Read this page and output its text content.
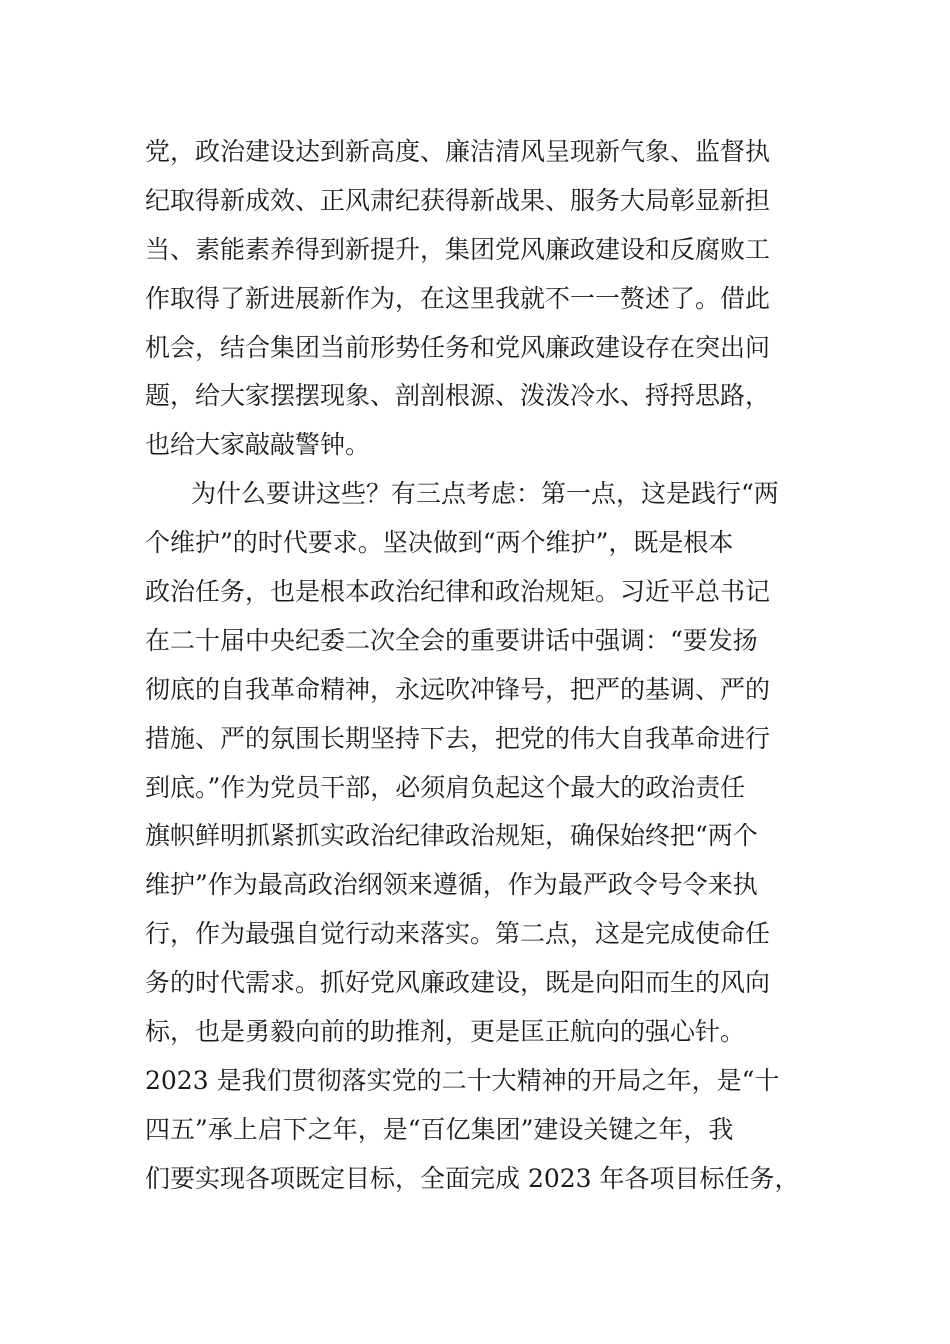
党，政治建设达到新高度、廉洁清风呈现新气象、监督执
纪取得新成效、正风肃纪获得新战果、服务大局彰显新担
当、素能素养得到新提升，集团党风廉政建设和反腐败工
作取得了新进展新作为，在这里我就不一一赘述了。借此
机会，结合集团当前形势任务和党风廉政建设存在突出问
题，给大家摆摆现象、剖剖根源、泼泼冷水、捋捋思路，
也给大家敲敲警钟。
为什么要讲这些？有三点考虑：第一点，这是践行“两
个维护”的时代要求。坚决做到“两个维护”，既是根本
政治任务，也是根本政治纪律和政治规矩。习近平总书记
在二十届中央纪委二次全会的重要讲话中强调：“要发扬
彻底的自我革命精神，永远吹冲锋号，把严的基调、严的
措施、严的氛围长期坚持下去，把党的伟大自我革命进行
到底。”作为党员干部，必须肩负起这个最大的政治责任
旗帜鲜明抓紧抓实政治纪律政治规矩，确保始终把“两个
维护”作为最高政治纲领来遵循，作为最严政令号令来执
行，作为最强自觉行动来落实。第二点，这是完成使命任
务的时代需求。抓好党风廉政建设，既是向阳而生的风向
标，也是勇毅向前的助推剂，更是匡正航向的强心针。
2023 是我们贯彻落实党的二十大精神的开局之年，是“十
四五”承上启下之年，是“百亿集团”建设关键之年，我
们要实现各项既定目标，全面完成 2023 年各项目标任务，
